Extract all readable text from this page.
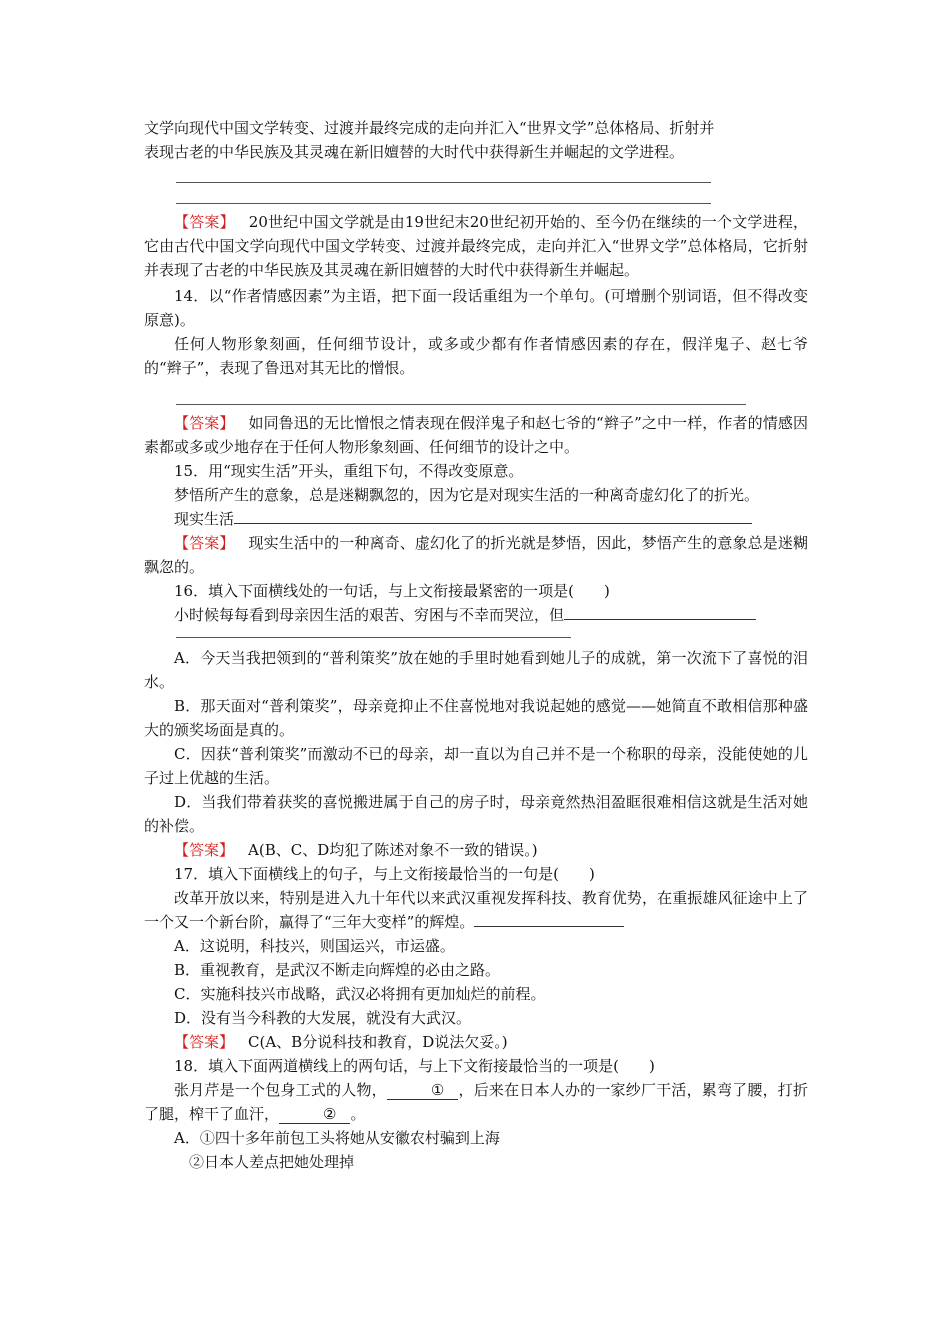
文学向现代中国文学转变、过渡并最终完成的走向并汇入“世界文学”总体格局、折射并

表现古老的中华民族及其灵魂在新旧嬗替的大时代中获得新生并崛起的文学进程。

【答案】 20世纪中国文学就是由19世纪末20世纪初开始的、至今仍在继续的一个文学进程，它由古代中国文学向现代中国文学转变、过渡并最终完成，走向并汇入“世界文学”总体格局，它折射并表现了古老的中华民族及其灵魂在新旧嬗替的大时代中获得新生并崛起。

14．以“作者情感因素”为主语，把下面一段话重组为一个单句。(可增删个别词语，但不得改变原意)。

任何人物形象刻画，任何细节设计，或多或少都有作者情感因素的存在，假洋鬼子、赵七爷的“辫子”，表现了鲁迅对其无比的憎恨。

【答案】 如同鲁迅的无比憎恨之情表现在假洋鬼子和赵七爷的“辫子”之中一样，作者的情感因素都或多或少地存在于任何人物形象刻画、任何细节的设计之中。

15．用“现实生活”开头，重组下句，不得改变原意。

梦悟所产生的意象，总是迷糊飘忽的，因为它是对现实生活的一种离奇虚幻化了的折光。

现实生活

【答案】 现实生活中的一种离奇、虚幻化了的折光就是梦悟，因此，梦悟产生的意象总是迷糊飘忽的。

16．填入下面横线处的一句话，与上文衔接最紧密的一项是(　　)

小时候每每看到母亲因生活的艰苦、穷困与不幸而哭泣，但

A．今天当我把领到的“普利策奖”放在她的手里时她看到她儿子的成就，第一次流下了喜悦的泪水。

B．那天面对“普利策奖”，母亲竟抑止不住喜悦地对我说起她的感觉——她简直不敢相信那种盛大的颁奖场面是真的。

C．因获“普利策奖”而激动不已的母亲，却一直以为自己并不是一个称职的母亲，没能使她的儿子过上优越的生活。

D．当我们带着获奖的喜悦搬进属于自己的房子时，母亲竟然热泪盈眶很难相信这就是生活对她的补偿。

【答案】 A(B、C、D均犯了陈述对象不一致的错误。)

17．填入下面横线上的句子，与上文衔接最恰当的一句是(　　)

改革开放以来，特别是进入九十年代以来武汉重视发挥科技、教育优势，在重振雄风征途中上了一个又一个新台阶，赢得了“三年大变样”的辉煌。

A．这说明，科技兴，则国运兴，市运盛。

B．重视教育，是武汉不断走向辉煌的必由之路。

C．实施科技兴市战略，武汉必将拥有更加灿烂的前程。

D．没有当今科教的大发展，就没有大武汉。

【答案】 C(A、B分说科技和教育，D说法欠妥。)

18．填入下面两道横线上的两句话，与上下文衔接最恰当的一项是(　　)

张月芹是一个包身工式的人物，	① ，后来在日本人办的一家纱厂干活，累弯了腰，打折了腿，榨干了血汗，	② 。

A．①四十多年前包工头将她从安徽农村骗到上海

②日本人差点把她处理掉
